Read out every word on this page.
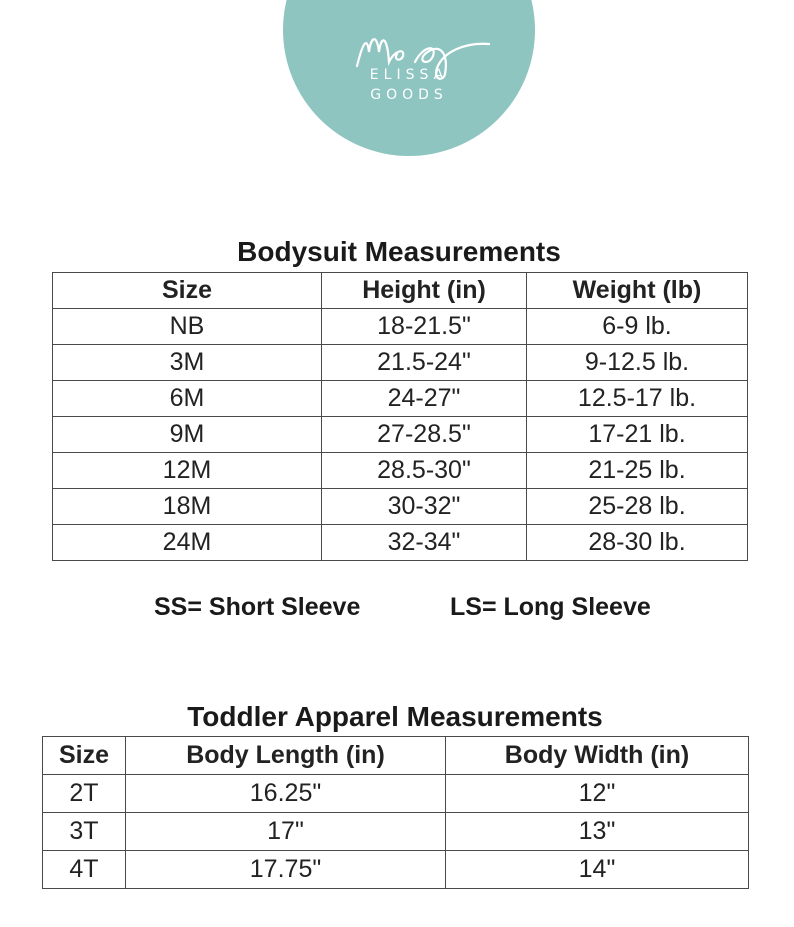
ELISSA
GOODS
Bodysuit Measurements
Size	Height (in)	Weight (lb)
NB	18-21.5"	6-9 lb.
3M	21.5-24"	9-12.5 lb.
6M	24-27"	12.5-17 lb.
9M	27-28.5"	17-21 lb.
12M	28.5-30"	21-25 lb.
18M	30-32"	25-28 lb.
24M	32-34"	28-30 lb.
SS= Short Sleeve	LS= Long Sleeve
Toddler Apparel Measurements
Size	Body Length (in)	Body Width (in)
2T	16.25"	12"
3T	17"	13"
4T	17.75"	14"
